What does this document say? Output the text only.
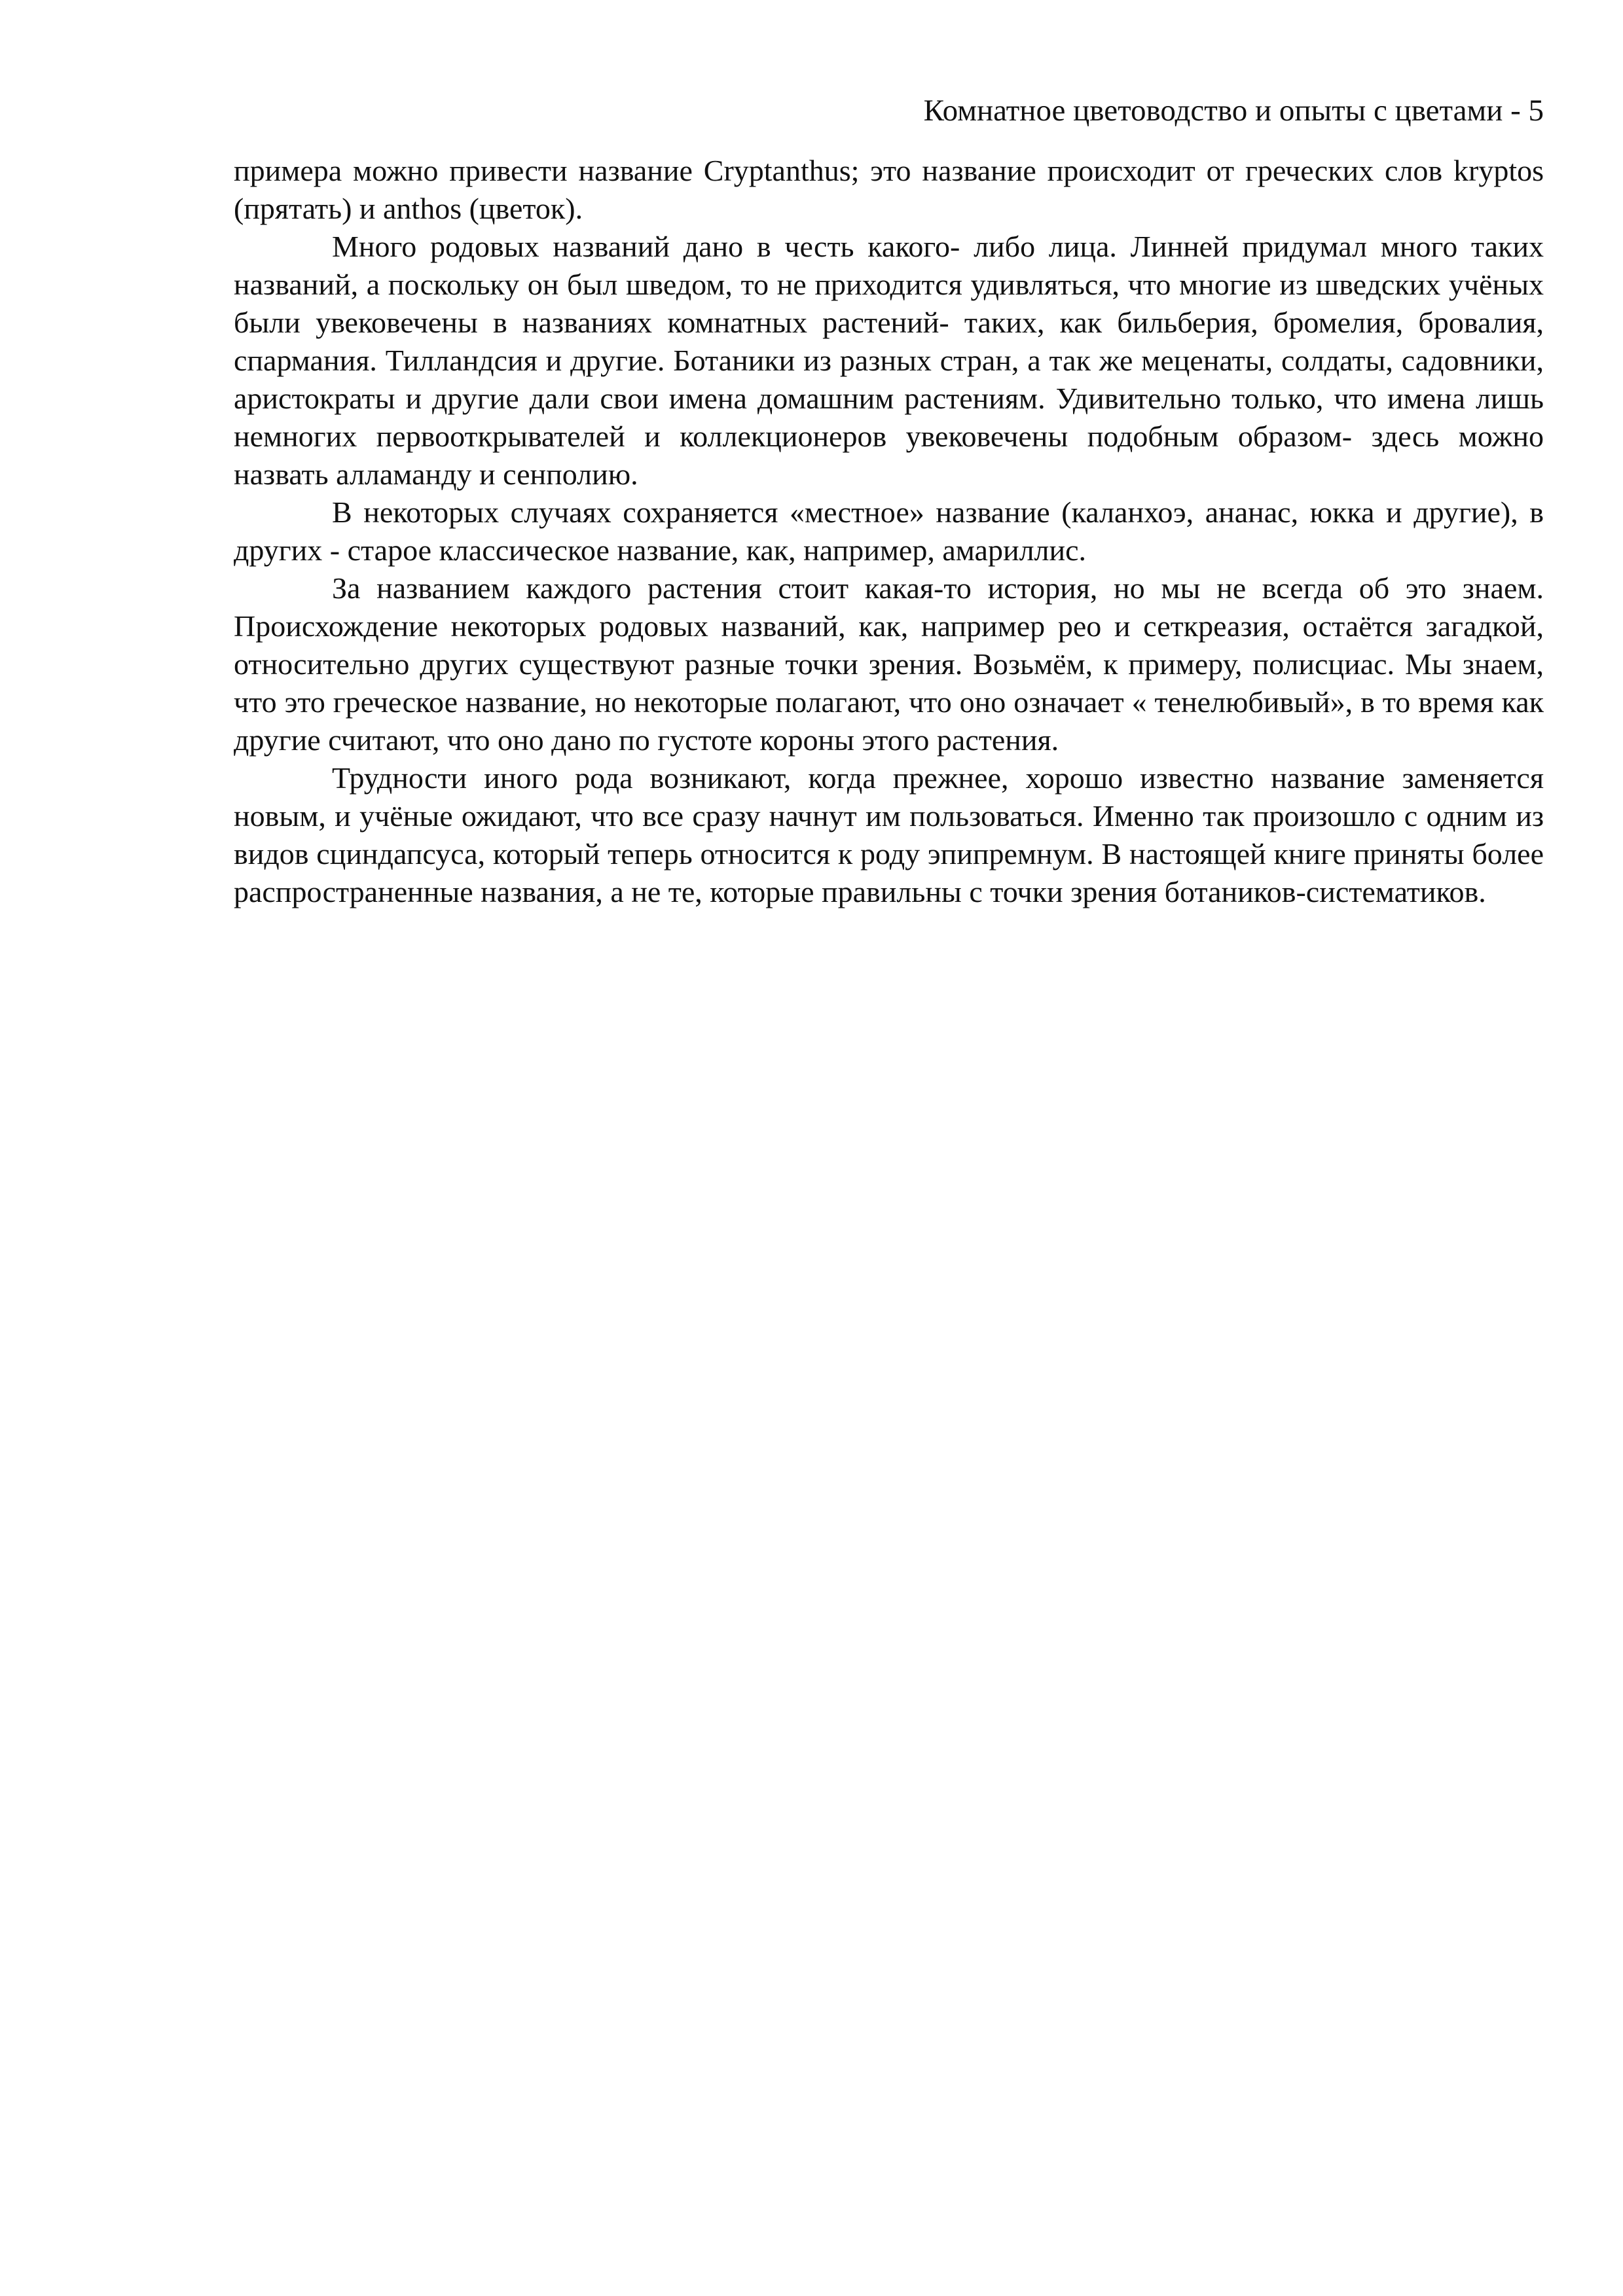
Комнатное цветоводство и опыты с цветами - 5

примера можно привести название Cryptanthus; это название происходит от греческих слов kryptos (прятать) и anthos (цветок).

Много родовых названий дано в честь какого- либо лица. Линней придумал много таких названий, а поскольку он был шведом, то не приходится удивляться, что многие из шведских учёных были увековечены в названиях комнатных растений- таких, как бильберия, бромелия, бровалия, спармания. Тилландсия и другие. Ботаники из разных стран, а так же меценаты, солдаты, садовники, аристократы и другие дали свои имена домашним растениям. Удивительно только, что имена лишь немногих первооткрывателей и коллекционеров увековечены подобным образом- здесь можно назвать алламанду и сенполию.

В некоторых случаях сохраняется «местное» название (каланхоэ, ананас, юкка и другие), в других - старое классическое название, как, например, амариллис.

За названием каждого растения стоит какая-то история, но мы не всегда об это знаем. Происхождение некоторых родовых названий, как, например рео и сеткреазия, остаётся загадкой, относительно других существуют разные точки зрения. Возьмём, к примеру, полисциас. Мы знаем, что это греческое название, но некоторые полагают, что оно означает « тенелюбивый», в то время как другие считают, что оно дано по густоте короны этого растения.

Трудности иного рода возникают, когда прежнее, хорошо известно название заменяется новым, и учёные ожидают, что все сразу начнут им пользоваться. Именно так произошло с одним из видов сциндапсуса, который теперь относится к роду эпипремнум. В настоящей книге приняты более распространенные названия, а не те, которые правильны с точки зрения ботаников-систематиков.
